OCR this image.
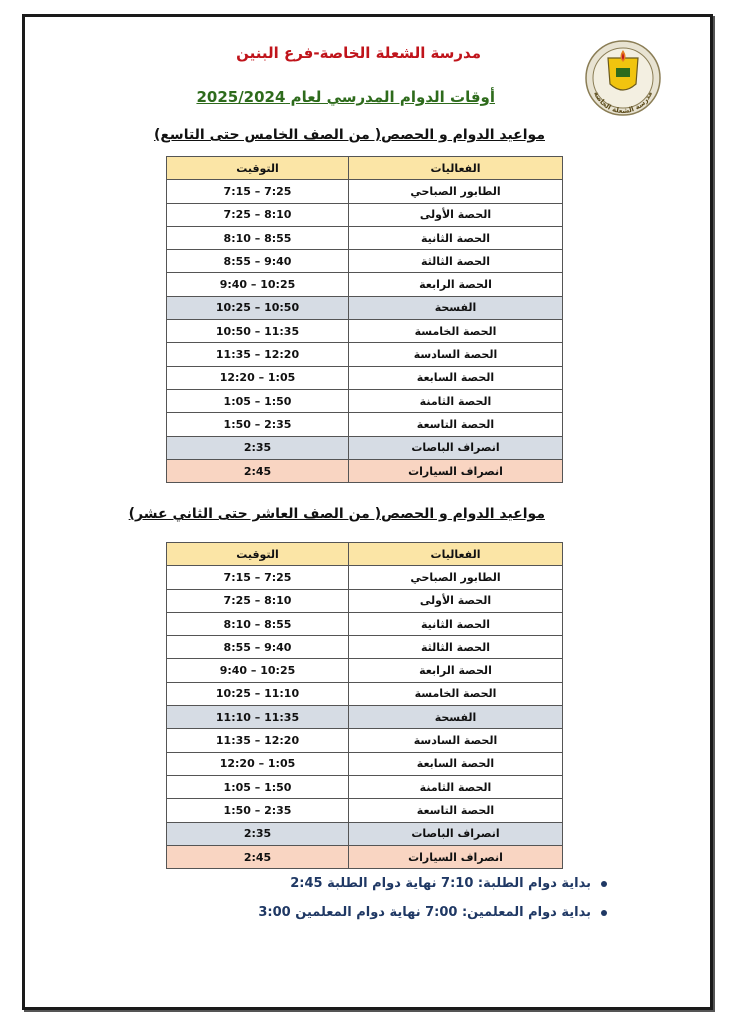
مدرسة الشعلة الخاصة
مدرسة الشعلة الخاصة-فرع البنين
أوقات الدوام المدرسي لعام 2025/2024
مواعيد الدوام و الحصص( من الصف الخامس حتى التاسع)
الفعاليات	التوقيت
الطابور الصباحي	7:15 – 7:25
الحصة الأولى	7:25 – 8:10
الحصة الثانية	8:10 – 8:55
الحصة الثالثة	8:55 – 9:40
الحصة الرابعة	9:40 – 10:25
الفسحة	10:25 – 10:50
الحصة الخامسة	10:50 – 11:35
الحصة السادسة	11:35 – 12:20
الحصة السابعة	12:20 – 1:05
الحصة الثامنة	1:05 – 1:50
الحصة التاسعة	1:50 – 2:35
انصراف الباصات	2:35
انصراف السيارات	2:45
مواعيد الدوام و الحصص( من الصف العاشر حتى الثاني عشر)
الفعاليات	التوقيت
الطابور الصباحي	7:15 – 7:25
الحصة الأولى	7:25 – 8:10
الحصة الثانية	8:10 – 8:55
الحصة الثالثة	8:55 – 9:40
الحصة الرابعة	9:40 – 10:25
الحصة الخامسة	10:25 – 11:10
الفسحة	11:10 – 11:35
الحصة السادسة	11:35 – 12:20
الحصة السابعة	12:20 – 1:05
الحصة الثامنة	1:05 – 1:50
الحصة التاسعة	1:50 – 2:35
انصراف الباصات	2:35
انصراف السيارات	2:45
بداية دوام الطلبة: 7:10 نهاية دوام الطلبة 2:45
بداية دوام المعلمين: 7:00 نهاية دوام المعلمين 3:00
